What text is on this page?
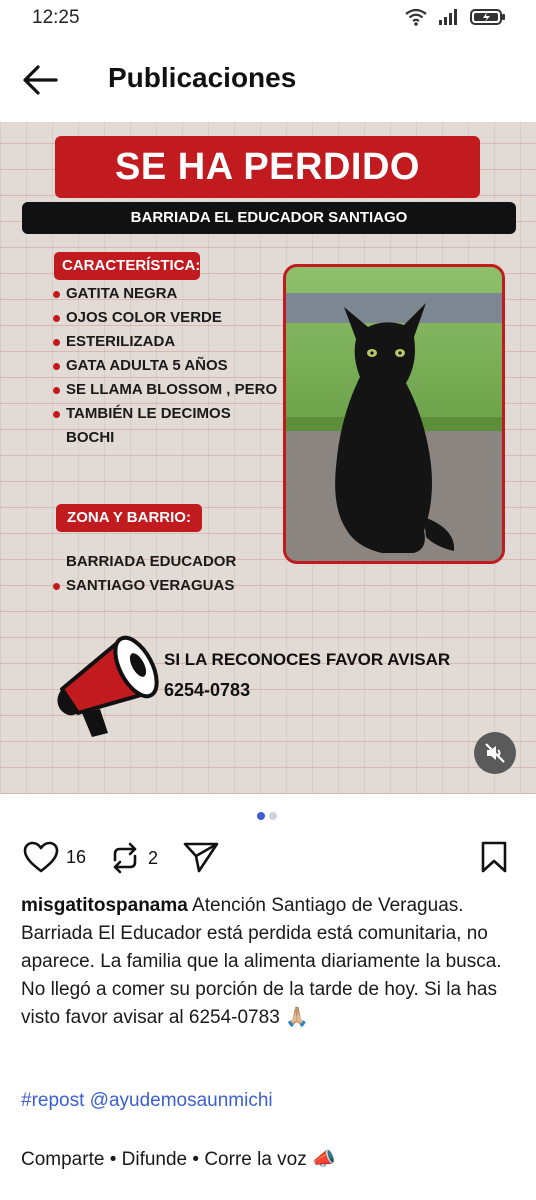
12:25
Publicaciones
SE HA PERDIDO
BARRIADA EL EDUCADOR SANTIAGO
CARACTERÍSTICA:
GATITA NEGRA
OJOS COLOR VERDE
ESTERILIZADA
GATA ADULTA 5 AÑOS
SE LLAMA BLOSSOM , PERO
TAMBIÉN LE DECIMOS
BOCHI
ZONA Y BARRIO:
BARRIADA EDUCADOR
SANTIAGO VERAGUAS
SI LA RECONOCES FAVOR AVISAR
6254-0783
16	2
misgatitospanama Atención Santiago de Veraguas. Barriada El Educador está perdida está comunitaria, no aparece. La familia que la alimenta diariamente la busca. No llegó a comer su porción de la tarde de hoy. Si la has visto favor avisar al 6254-0783 🙏🏼
#repost @ayudemosaunmichi
Comparte • Difunde • Corre la voz 📣
